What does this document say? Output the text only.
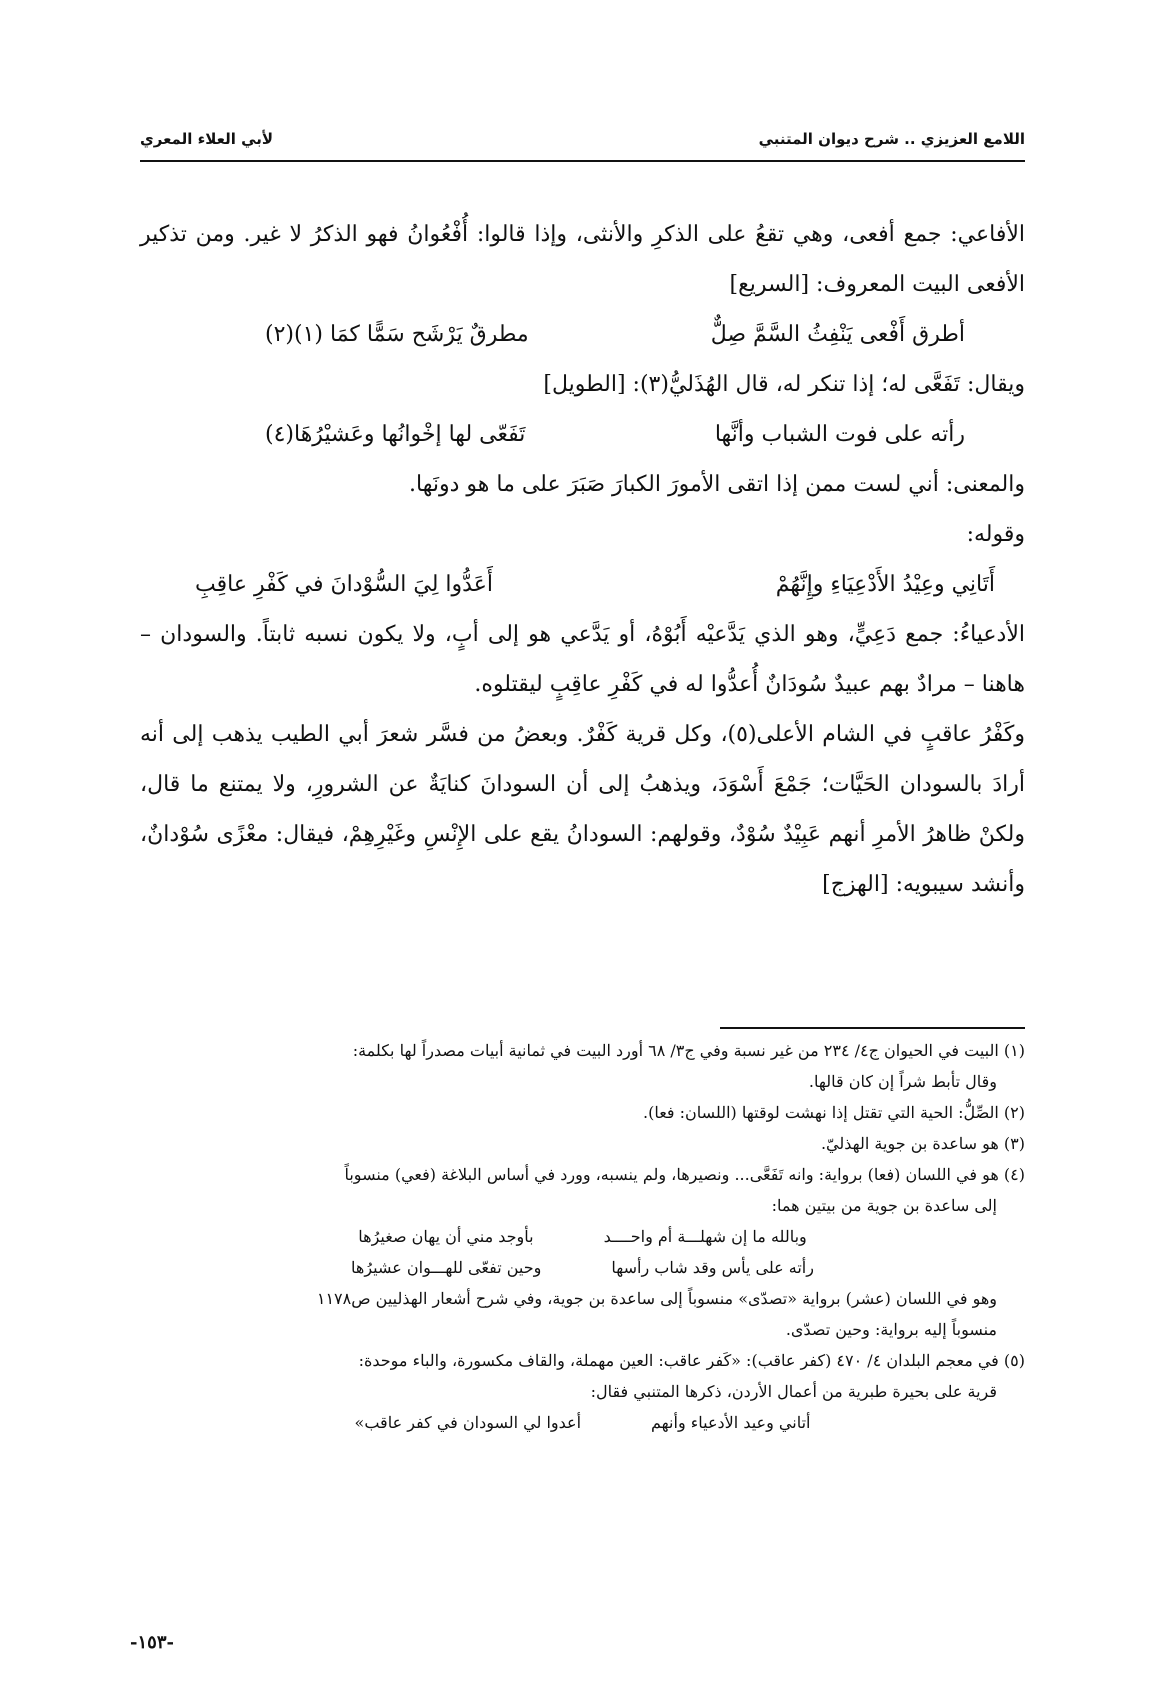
لأبي العلاء المعري	اللامع العزيزي .. شرح ديوان المتنبي

الأفاعي: جمع أفعى، وهي تقعُ على الذكرِ والأنثى، وإذا قالوا: أُفْعُوانُ فهو الذكرُ لا غير. ومن تذكير الأفعى البيت المعروف: [السريع]

أطرق أَفْعى يَنْفِثُ السَّمَّ صِلٌّ
مطرقٌ يَرْشَح سَمًّا كمَا (١)(٢)

ويقال: تَفَعَّى له؛ إذا تنكر له، قال الهُذَليُّ(٣): [الطويل]

رأته على فوت الشباب وأنَّها
تَفَعّى لها إخْوانُها وعَشيْرُهَا(٤)

والمعنى: أني لست ممن إذا اتقى الأمورَ الكبارَ صَبَرَ على ما هو دونَها.

وقوله:

أَتَانِي وعِيْدُ الأَدْعِيَاءِ وإِنَّهُمْ
أَعَدُّوا لِيَ السُّوْدانَ في كَفْرِ عاقِبِ

الأدعياءُ: جمع دَعِيٍّ، وهو الذي يَدَّعيْه أَبُوْهُ، أو يَدَّعي هو إلى أبٍ، ولا يكون نسبه ثابتاً. والسودان – هاهنا – مرادٌ بهم عبيدٌ سُودَانٌ أُعدُّوا له في كَفْرِ عاقِبٍ ليقتلوه.

وكَفْرُ عاقبٍ في الشام الأعلى(٥)، وكل قرية كَفْرٌ. وبعضُ من فسَّر شعرَ أبي الطيب يذهب إلى أنه أرادَ بالسودان الحَيَّات؛ جَمْعَ أَسْوَدَ، ويذهبُ إلى أن السودانَ كنايَةٌ عن الشرورِ، ولا يمتنع ما قال، ولكنْ ظاهرُ الأمرِ أنهم عَبِيْدٌ سُوْدٌ، وقولهم: السودانُ يقع على الإِنْسِ وغَيْرِهِمْ، فيقال: معْزًى سُوْدانٌ، وأنشد سيبويه: [الهزج]

(١) البيت في الحيوان ج٤/ ٢٣٤ من غير نسبة وفي ج٣/ ٦٨ أورد البيت في ثمانية أبيات مصدراً لها بكلمة:

وقال تأبط شراً إن كان قالها.

(٢) الصِّلُّ: الحية التي تقتل إذا نهشت لوقتها (اللسان: فعا).

(٣) هو ساعدة بن جوية الهذليّ.

(٤) هو في اللسان (فعا) برواية: وانه تَفَعَّى... ونصيرها، ولم ينسبه، وورد في أساس البلاغة (فعي) منسوباً

إلى ساعدة بن جوية من بيتين هما:

وبالله ما إن شهلـــة أم واحــــد
بأوجد مني أن يهان صغيرُها
رأته على يأس وقد شاب رأسها
وحين تفعّى للهـــوان عشيرُها

وهو في اللسان (عشر) برواية «تصدّى» منسوباً إلى ساعدة بن جوية، وفي شرح أشعار الهذليين ص١١٧٨

منسوباً إليه برواية: وحين تصدّى.

(٥) في معجم البلدان ٤/ ٤٧٠ (كفر عاقب): «كَفر عاقب: العين مهملة، والقاف مكسورة، والباء موحدة:

قرية على بحيرة طبرية من أعمال الأردن، ذكرها المتنبي فقال:

أتاني وعيد الأدعياء وأنهم
أعدوا لي السودان في كفر عاقب»
-١٥٣-
